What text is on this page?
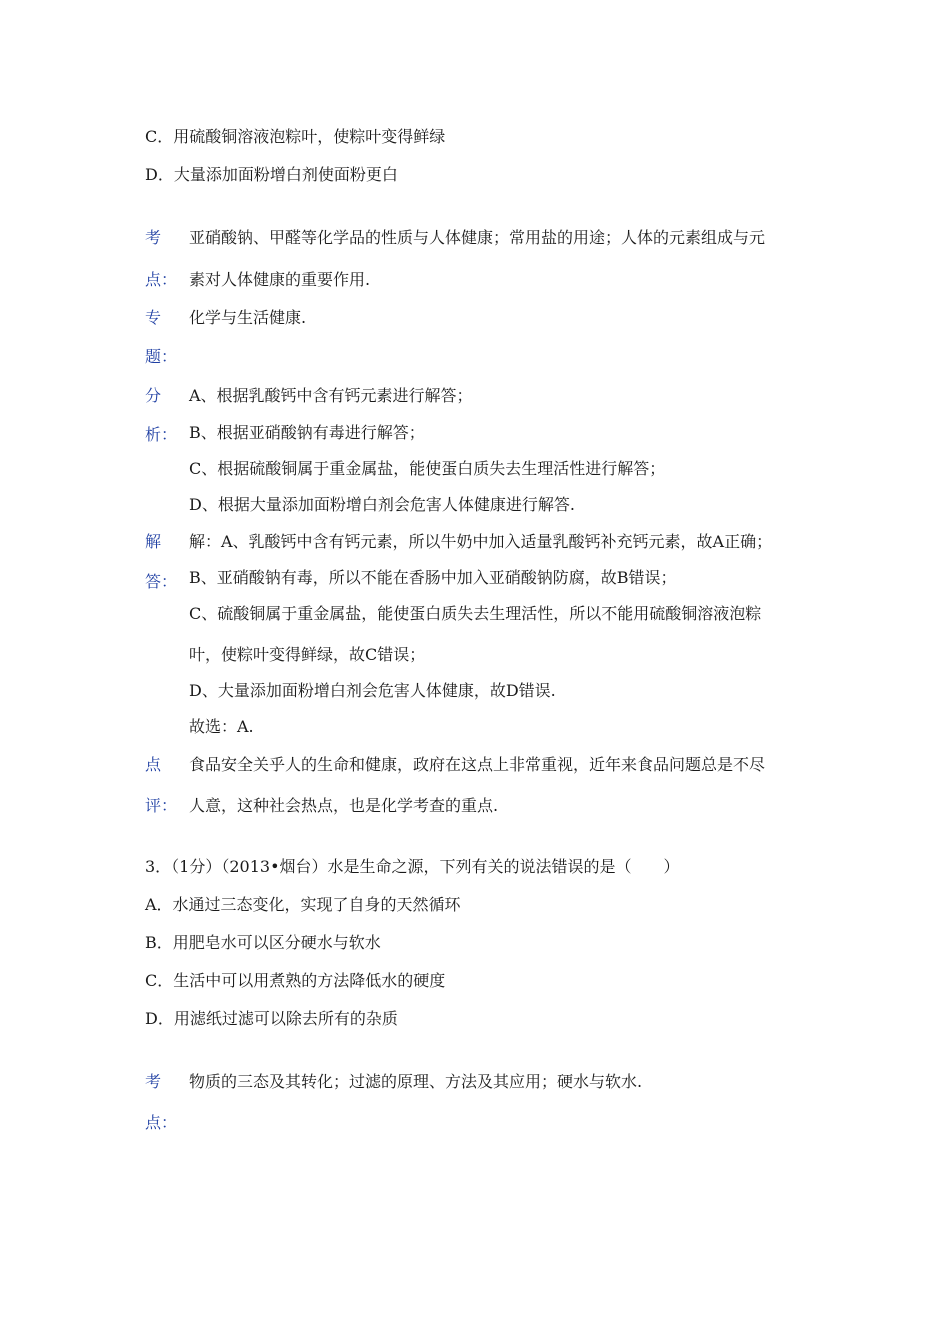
C．用硫酸铜溶液泡粽叶，使粽叶变得鲜绿
D．大量添加面粉增白剂使面粉更白
考
点：
亚硝酸钠、甲醛等化学品的性质与人体健康；常用盐的用途；人体的元素组成与元
素对人体健康的重要作用.
专
题：
化学与生活健康.
分
析：
A、根据乳酸钙中含有钙元素进行解答；
B、根据亚硝酸钠有毒进行解答；
C、根据硫酸铜属于重金属盐，能使蛋白质失去生理活性进行解答；
D、根据大量添加面粉增白剂会危害人体健康进行解答.
解
答：
解：A、乳酸钙中含有钙元素，所以牛奶中加入适量乳酸钙补充钙元素，故A正确；
B、亚硝酸钠有毒，所以不能在香肠中加入亚硝酸钠防腐，故B错误；
C、硫酸铜属于重金属盐，能使蛋白质失去生理活性，所以不能用硫酸铜溶液泡粽
叶，使粽叶变得鲜绿，故C错误；
D、大量添加面粉增白剂会危害人体健康，故D错误.
故选：A.
点
评：
食品安全关乎人的生命和健康，政府在这点上非常重视，近年来食品问题总是不尽
人意，这种社会热点，也是化学考查的重点.
3．（1分）（2013•烟台）水是生命之源，下列有关的说法错误的是（　　）
A．水通过三态变化，实现了自身的天然循环
B．用肥皂水可以区分硬水与软水
C．生活中可以用煮熟的方法降低水的硬度
D．用滤纸过滤可以除去所有的杂质
考
点：
物质的三态及其转化；过滤的原理、方法及其应用；硬水与软水.
